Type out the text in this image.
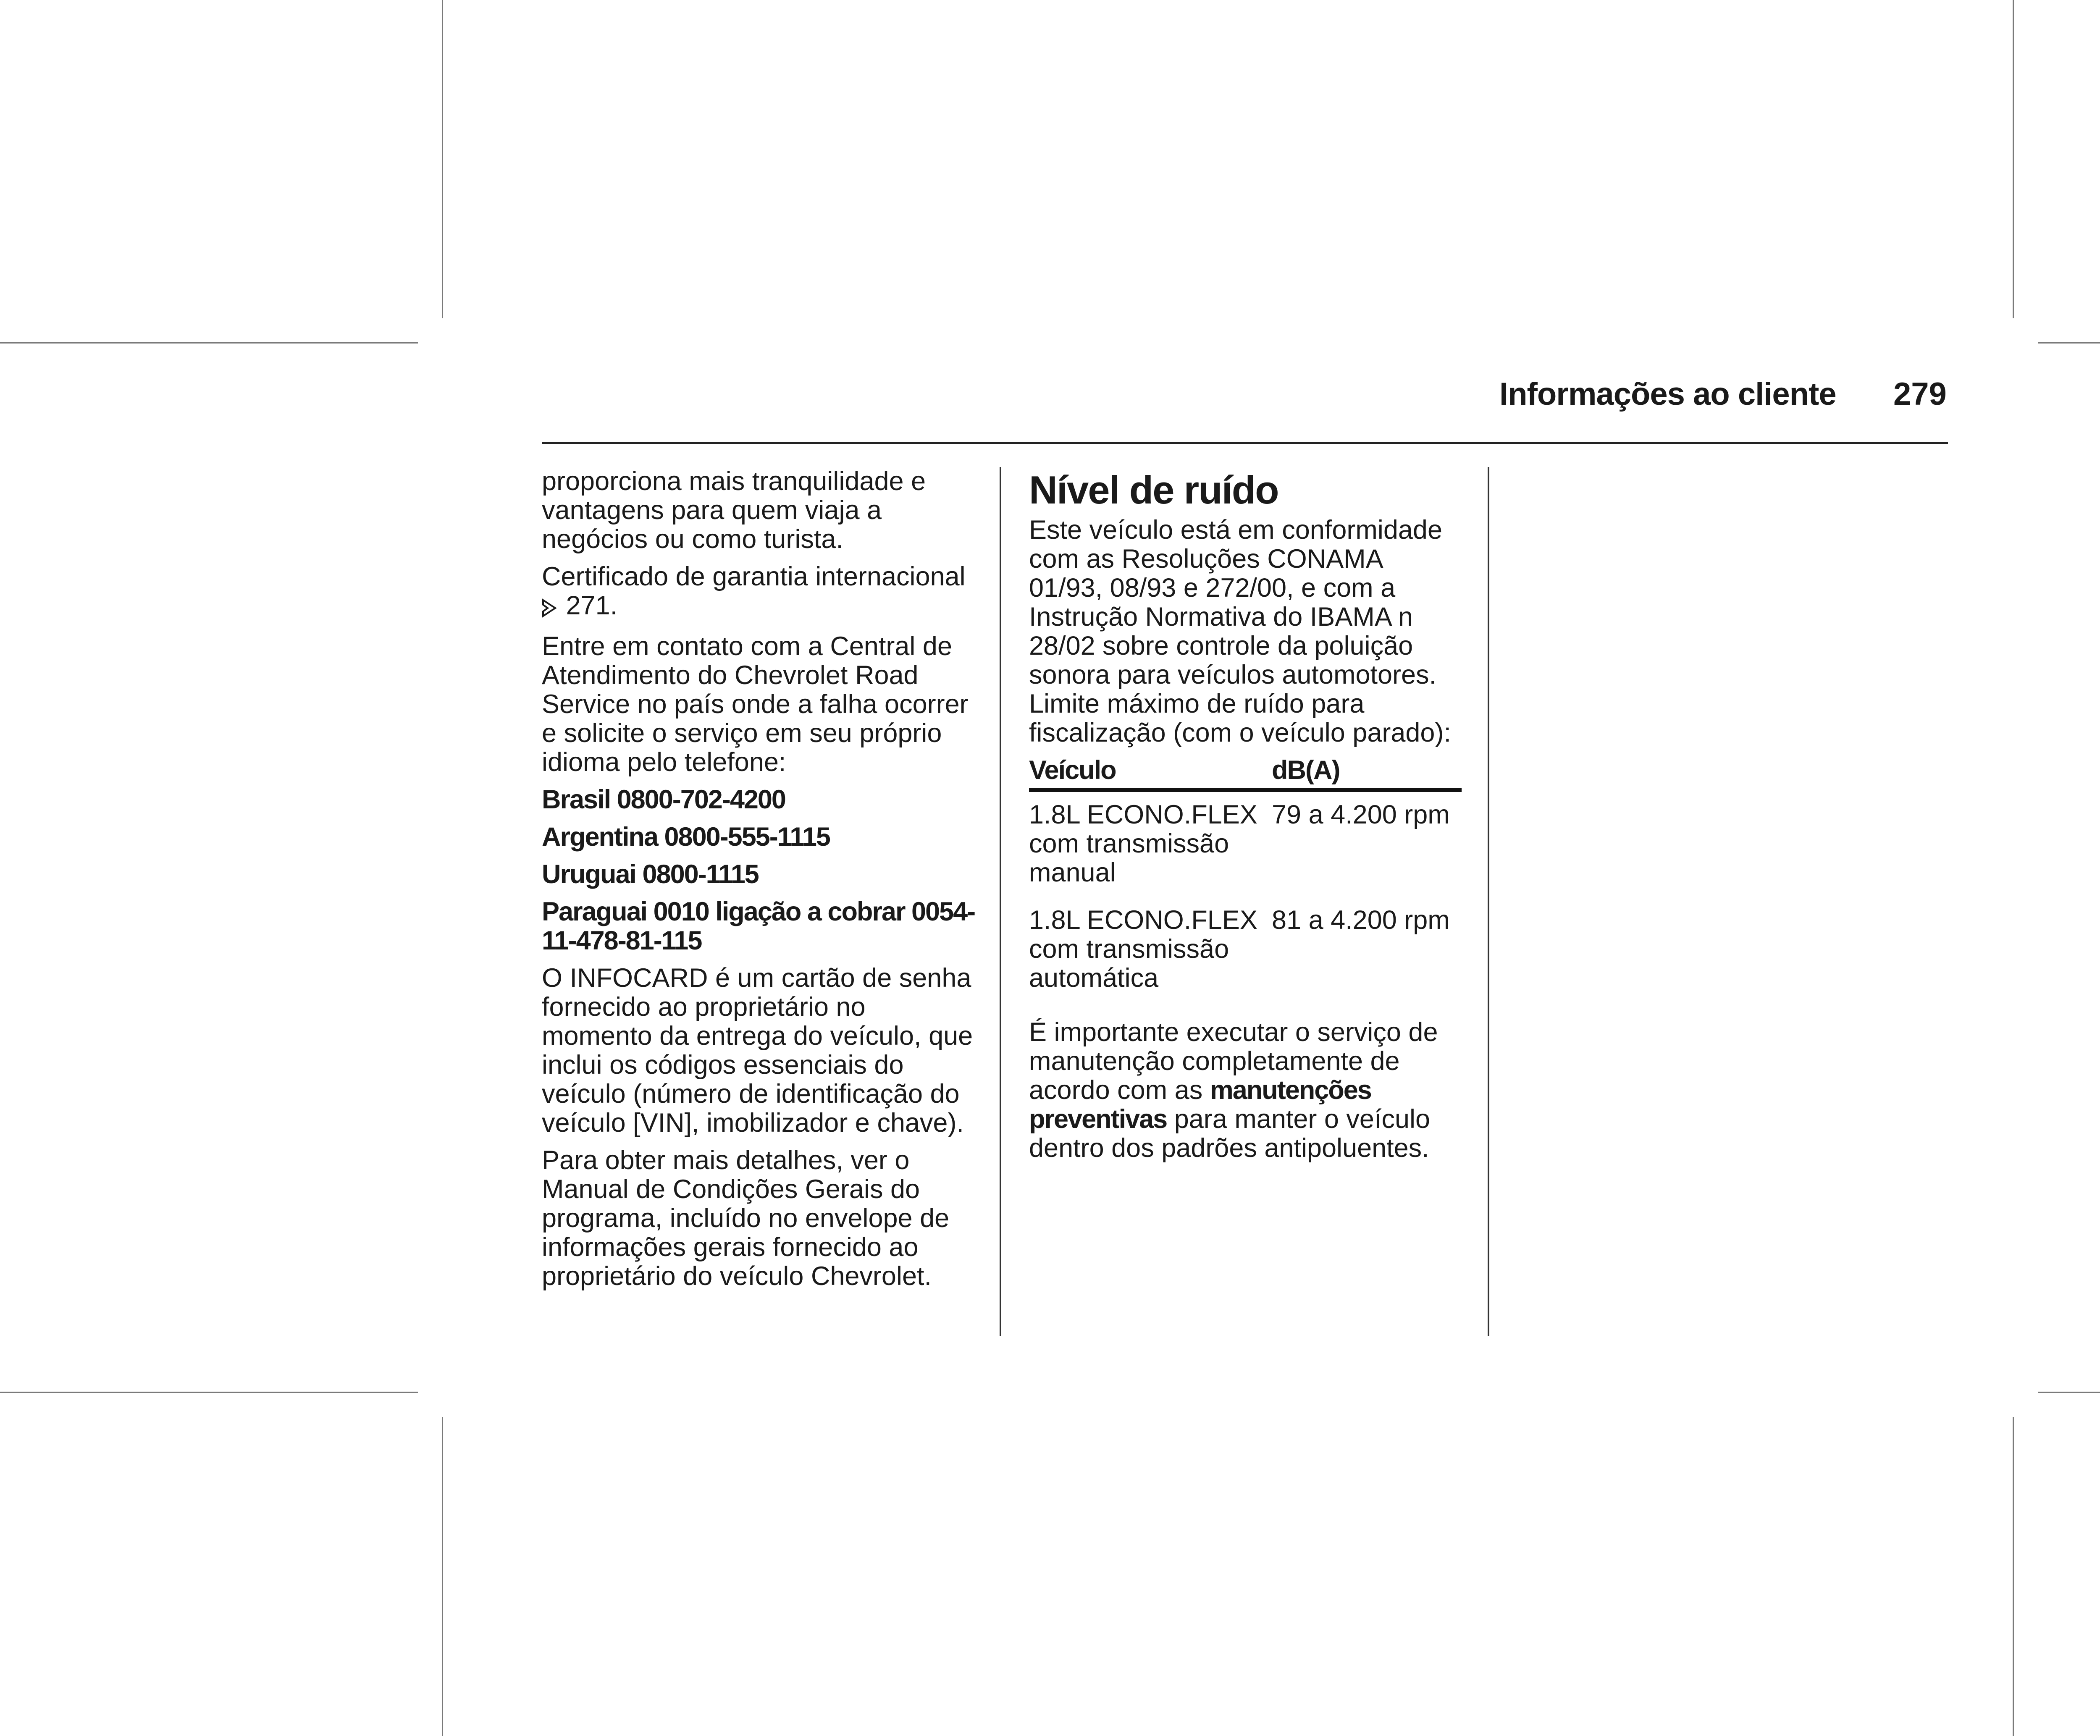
Informações ao cliente 279

proporciona mais tranquilidade e vantagens para quem viaja a negócios ou como turista.

Certificado de garantia internacional
271.

Entre em contato com a Central de Atendimento do Chevrolet Road Service no país onde a falha ocorrer e solicite o serviço em seu próprio idioma pelo telefone:

Brasil 0800-702-4200

Argentina 0800-555-1115

Uruguai 0800-1115

Paraguai 0010 ligação a cobrar 0054-11-478-81-115

O INFOCARD é um cartão de senha fornecido ao proprietário no momento da entrega do veículo, que inclui os códigos essenciais do veículo (número de identificação do veículo [VIN], imobilizador e chave).

Para obter mais detalhes, ver o Manual de Condições Gerais do programa, incluído no envelope de informações gerais fornecido ao proprietário do veículo Chevrolet.

Nível de ruído

Este veículo está em conformidade com as Resoluções CONAMA 01/93, 08/93 e 272/00, e com a Instrução Normativa do IBAMA n 28/02 sobre controle da poluição sonora para veículos automotores. Limite máximo de ruído para fiscalização (com o veículo parado):

Veículo	dB(A)
1.8L ECONO.FLEX com transmissão manual
79 a 4.200 rpm
1.8L ECONO.FLEX com transmissão automática
81 a 4.200 rpm

É importante executar o serviço de manutenção completamente de acordo com as manutenções preventivas para manter o veículo dentro dos padrões antipoluentes.
